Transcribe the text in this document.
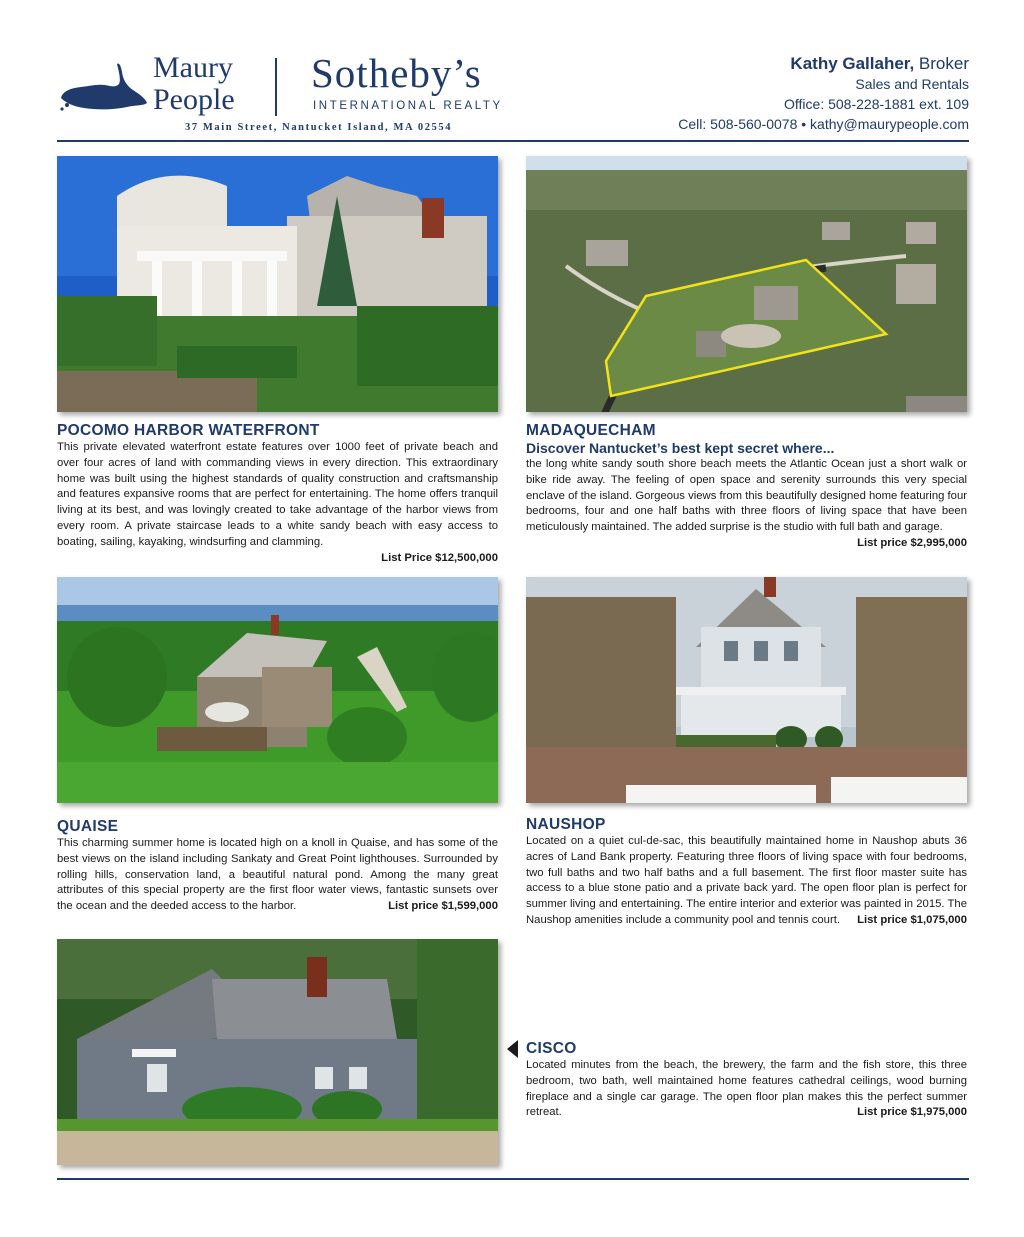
Maury
People
Sotheby’s
INTERNATIONAL REALTY
37 Main Street, Nantucket Island, MA 02554
Kathy Gallaher, Broker
Sales and Rentals
Office: 508-228-1881 ext. 109
Cell: 508-560-0078 • kathy@maurypeople.com
POCOMO HARBOR WATERFRONT
This private elevated waterfront estate features over 1000 feet of private beach and over four acres of land with commanding views in every direction. This extraordinary home was built using the highest standards of quality construction and craftsmanship and features expansive rooms that are perfect for entertaining. The home offers tranquil living at its best, and was lovingly created to take advantage of the harbor views from every room. A private staircase leads to a white sandy beach with easy access to boating, sailing, kayaking, windsurfing and clamming.
List Price $12,500,000
MADAQUECHAM
Discover Nantucket’s best kept secret where...
the long white sandy south shore beach meets the Atlantic Ocean just a short walk or bike ride away. The feeling of open space and serenity surrounds this very special enclave of the island. Gorgeous views from this beautifully designed home featuring four bedrooms, four and one half baths with three floors of living space that have been meticulously maintained. The added surprise is the studio with full bath and garage.
List price $2,995,000
QUAISE
This charming summer home is located high on a knoll in Quaise, and has some of the best views on the island including Sankaty and Great Point lighthouses. Surrounded by rolling hills, conservation land, a beautiful natural pond. Among the many great attributes of this special property are the first floor water views, fantastic sunsets over the ocean and the deeded access to the harbor.	List price $1,599,000
NAUSHOP
Located on a quiet cul-de-sac, this beautifully maintained home in Naushop abuts 36 acres of Land Bank property. Featuring three floors of living space with four bedrooms, two full baths and two half baths and a full basement. The first floor master suite has access to a blue stone patio and a private back yard. The open floor plan is perfect for summer living and entertaining. The entire interior and exterior was painted in 2015. The Naushop amenities include a community pool and tennis court. List price $1,075,000
CISCO
Located minutes from the beach, the brewery, the farm and the fish store, this three bedroom, two bath, well maintained home features cathedral ceilings, wood burning fireplace and a single car garage. The open floor plan makes this the perfect summer retreat.	List price $1,975,000
